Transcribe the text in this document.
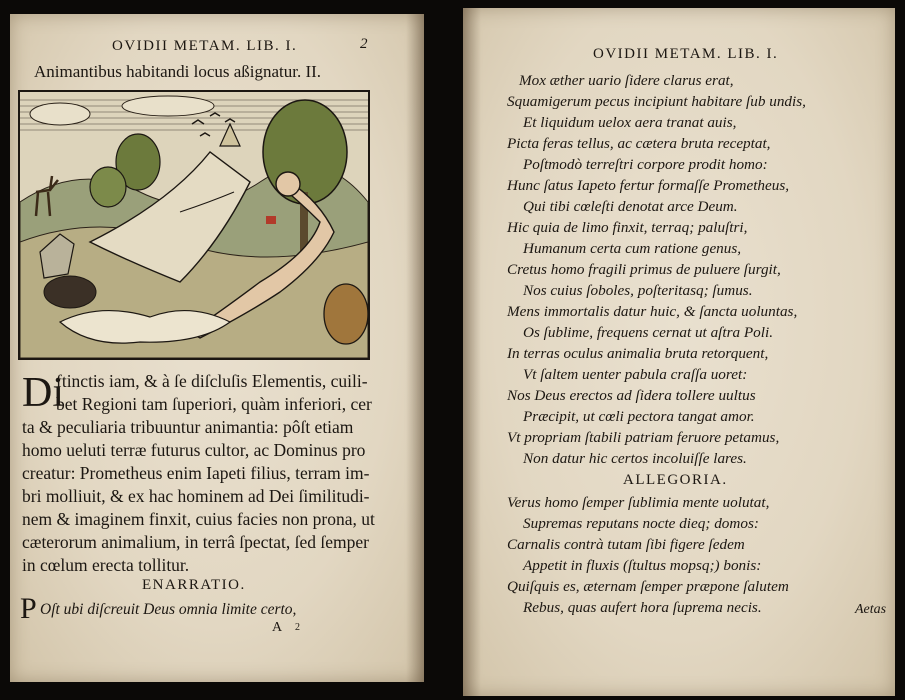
OVIDII METAM. LIB. I.	2
Animantibus habitandi locus aßignatur. II.
Di
ftinctis iam, & à ſe diſcluſis Elementis, cuili-
bet Regioni tam ſuperiori, quàm inferiori, cer
ta & peculiaria tribuuntur animantia: pôſt etiam
homo ueluti terræ futurus cultor, ac Dominus pro
creatur: Prometheus enim Iapeti filius, terram im-
bri molliuit, & ex hac hominem ad Dei ſimilitudi-
nem & imaginem finxit, cuius facies non prona, ut
cæterorum animalium, in terrâ ſpectat, ſed ſemper
in cœlum erecta tollitur.
ENARRATIO.
P Oſt ubi diſcreuit Deus omnia limite certo,
A 2
OVIDII METAM. LIB. I.
Mox æther uario ſidere clarus erat,
Squamigerum pecus incipiunt habitare ſub undis,
Et liquidum uelox aera tranat auis,
Picta feras tellus, ac cætera bruta receptat,
Poſtmodò terreſtri corpore prodit homo:
Hunc ſatus Iapeto fertur formaſſe Prometheus,
Qui tibi cœleſti denotat arce Deum.
Hic quia de limo finxit, terraq; paluſtri,
Humanum certa cum ratione genus,
Cretus homo fragili primus de puluere ſurgit,
Nos cuius ſoboles, poſteritasq; ſumus.
Mens immortalis datur huic, & ſancta uoluntas,
Os ſublime, frequens cernat ut aſtra Poli.
In terras oculus animalia bruta retorquent,
Vt ſaltem uenter pabula craſſa uoret:
Nos Deus erectos ad ſidera tollere uultus
Præcipit, ut cœli pectora tangat amor.
Vt propriam ſtabili patriam feruore petamus,
Non datur hic certos incoluiſſe lares.
ALLEGORIA.
Verus homo ſemper ſublimia mente uolutat,
Supremas reputans nocte dieq; domos:
Carnalis contrà tutam ſibi figere ſedem
Appetit in fluxis (ſtultus mopsq;) bonis:
Quiſquis es, æternam ſemper præpone ſalutem
Rebus, quas aufert hora ſuprema necis.	Aetas
